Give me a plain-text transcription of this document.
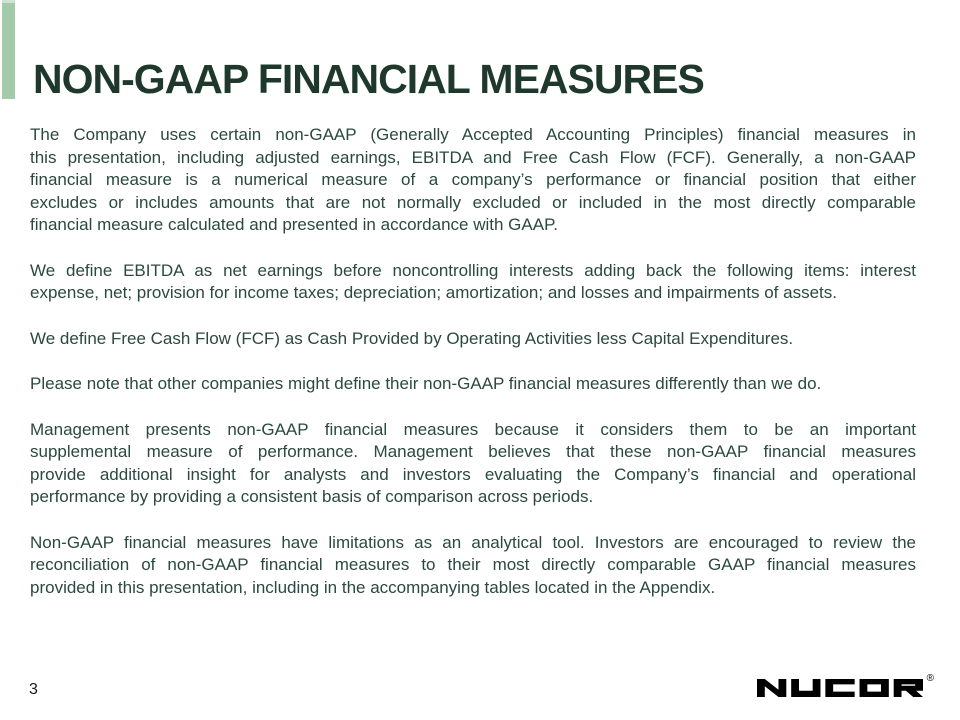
NON-GAAP FINANCIAL MEASURES
The Company uses certain non-GAAP (Generally Accepted Accounting Principles) financial measures in
this presentation, including adjusted earnings, EBITDA and Free Cash Flow (FCF). Generally, a non-GAAP
financial measure is a numerical measure of a company’s performance or financial position that either
excludes or includes amounts that are not normally excluded or included in the most directly comparable
financial measure calculated and presented in accordance with GAAP.
We define EBITDA as net earnings before noncontrolling interests adding back the following items: interest
expense, net; provision for income taxes; depreciation; amortization; and losses and impairments of assets.
We define Free Cash Flow (FCF) as Cash Provided by Operating Activities less Capital Expenditures.
Please note that other companies might define their non-GAAP financial measures differently than we do.
Management presents non-GAAP financial measures because it considers them to be an important
supplemental measure of performance. Management believes that these non-GAAP financial measures
provide additional insight for analysts and investors evaluating the Company’s financial and operational
performance by providing a consistent basis of comparison across periods.
Non-GAAP financial measures have limitations as an analytical tool. Investors are encouraged to review the
reconciliation of non-GAAP financial measures to their most directly comparable GAAP financial measures
provided in this presentation, including in the accompanying tables located in the Appendix.
3
®
